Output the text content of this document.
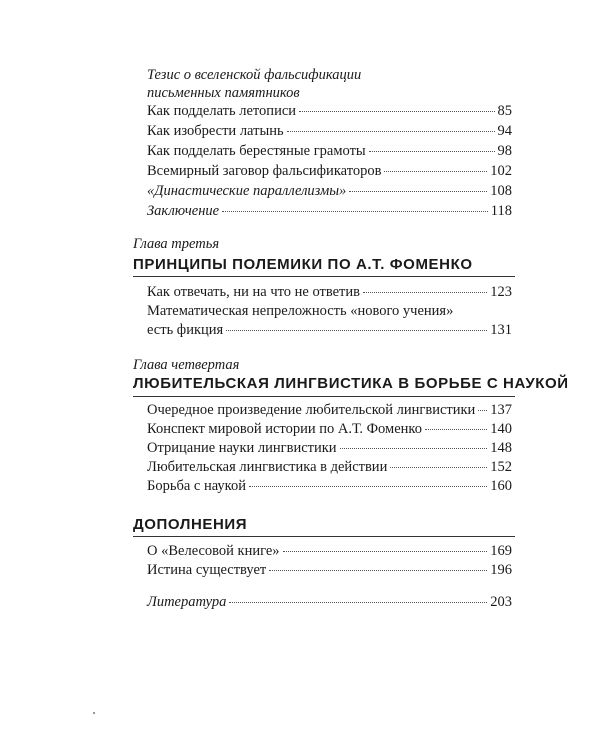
Тезис о вселенской фальсификации
письменных памятников
Как подделать летописи	85
Как изобрести латынь	94
Как подделать берестяные грамоты	98
Всемирный заговор фальсификаторов	102
«Династические параллелизмы»	108
Заключение	118
Глава третья
ПРИНЦИПЫ ПОЛЕМИКИ ПО А.Т. ФОМЕНКО
Как отвечать, ни на что не ответив	123
Математическая непреложность «нового учения»
есть фикция	131
Глава четвертая
ЛЮБИТЕЛЬСКАЯ ЛИНГВИСТИКА В БОРЬБЕ С НАУКОЙ
Очередное произведение любительской лингвистики 137
Конспект мировой истории по А.Т. Фоменко	140
Отрицание науки лингвистики	148
Любительская лингвистика в действии	152
Борьба с наукой	160
ДОПОЛНЕНИЯ
О «Велесовой книге»	169
Истина существует	196
Литература	203
